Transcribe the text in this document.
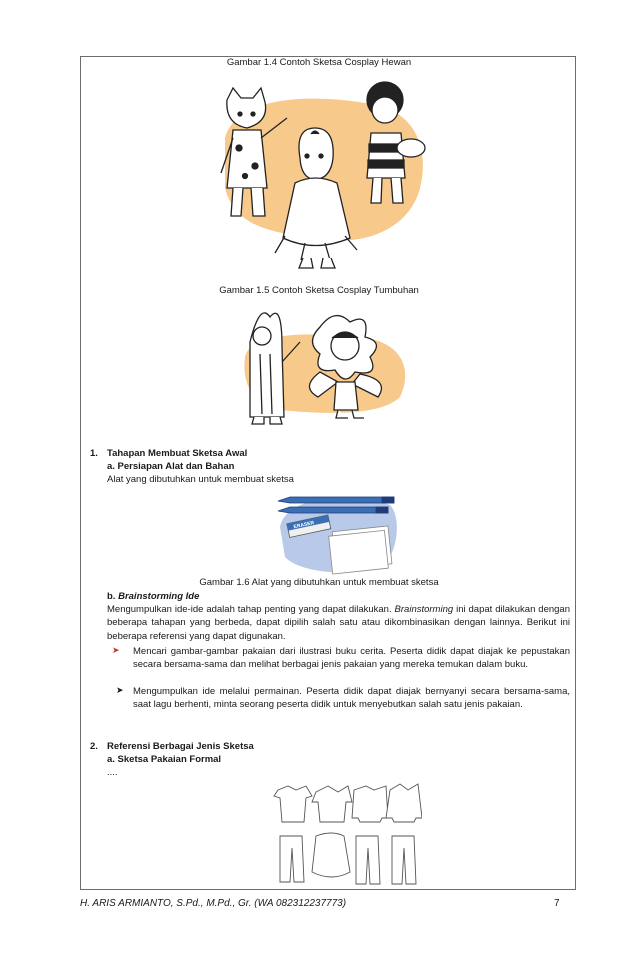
Gambar 1.4 Contoh Sketsa Cosplay Hewan
Gambar 1.5 Contoh Sketsa Cosplay Tumbuhan
1. Tahapan Membuat Sketsa Awal
a. Persiapan Alat dan Bahan
Alat yang dibutuhkan untuk membuat sketsa
ERASER
Gambar 1.6 Alat yang dibutuhkan untuk membuat sketsa
b. Brainstorming Ide
Mengumpulkan ide-ide adalah tahap penting yang dapat dilakukan. Brainstorming ini dapat dilakukan dengan beberapa tahapan yang berbeda, dapat dipilih salah satu atau dikombinasikan dengan lainnya. Berikut ini beberapa referensi yang dapat digunakan.
➤ Mencari gambar-gambar pakaian dari ilustrasi buku cerita. Peserta didik dapat diajak ke pepustakan secara bersama-sama dan melihat berbagai jenis pakaian yang mereka temukan dalam buku.
➤ Mengumpulkan ide melalui permainan. Peserta didik dapat diajak bernyanyi secara bersama-sama, saat lagu berhenti, minta seorang peserta didik untuk menyebutkan salah satu jenis pakaian.
2. Referensi Berbagai Jenis Sketsa
a. Sketsa Pakaian Formal
....
H. ARIS ARMIANTO, S.Pd., M.Pd., Gr. (WA 082312237773)	7
